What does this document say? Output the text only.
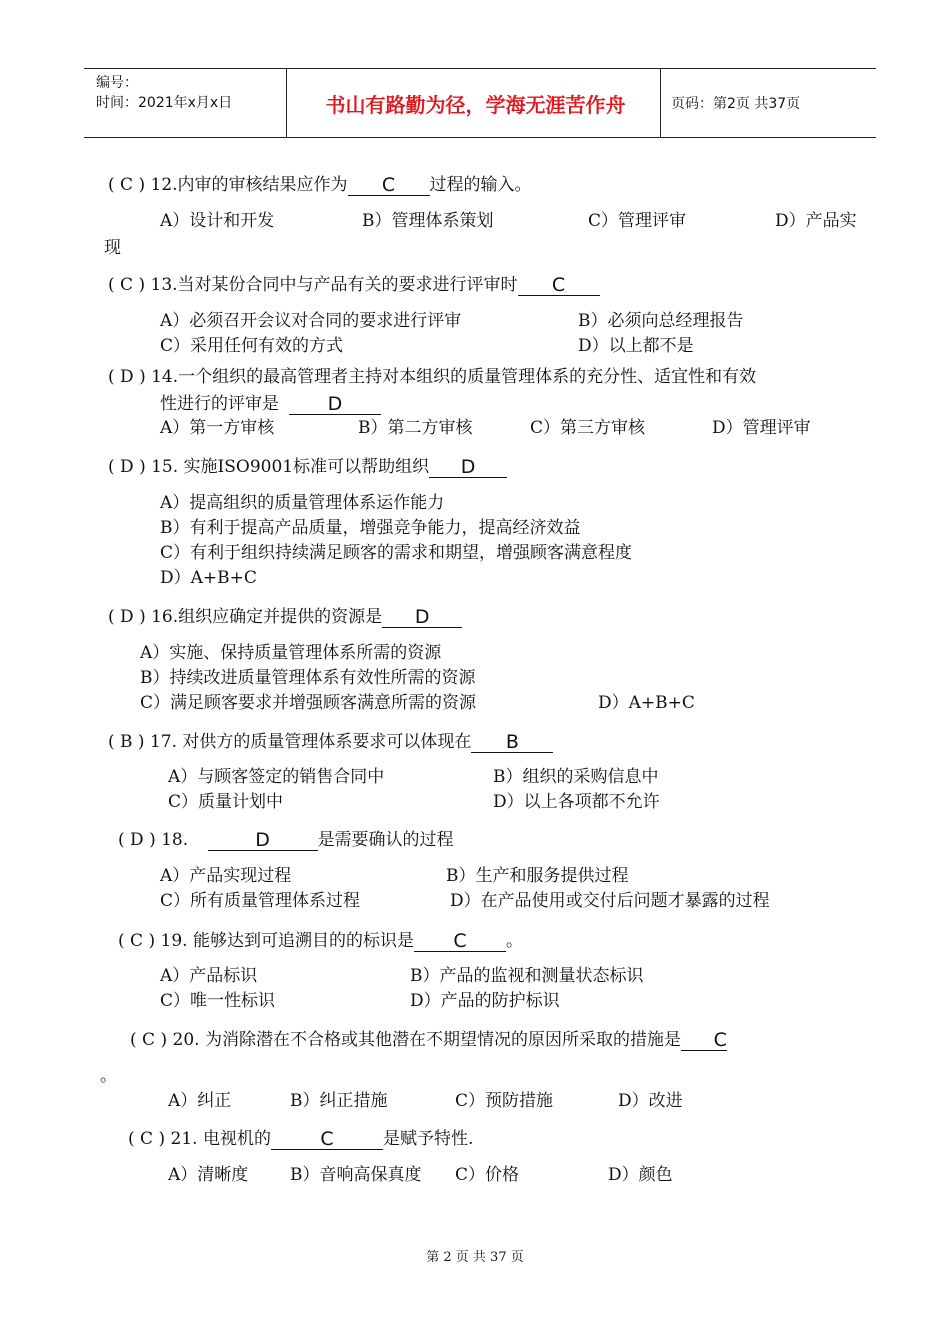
编号：
时间：2021年x月x日	书山有路勤为径，学海无涯苦作舟	页码：第2页 共37页
( C ) 12.内审的审核结果应作为 C 过程的输入。
A）设计和开发	B）管理体系策划	C）管理评审	D）产品实
现
( C ) 13.当对某份合同中与产品有关的要求进行评审时 C
A）必须召开会议对合同的要求进行评审	B）必须向总经理报告
C）采用任何有效的方式	D）以上都不是
( D ) 14.一个组织的最高管理者主持对本组织的质量管理体系的充分性、适宜性和有效
性进行的评审是	D
A）第一方审核	B）第二方审核	C）第三方审核	D）管理评审
( D ) 15. 实施ISO9001标准可以帮助组织 D
A）提高组织的质量管理体系运作能力
B）有利于提高产品质量，增强竞争能力，提高经济效益
C）有利于组织持续满足顾客的需求和期望，增强顾客满意程度
D）A+B+C
( D ) 16.组织应确定并提供的资源是 D
A）实施、保持质量管理体系所需的资源
B）持续改进质量管理体系有效性所需的资源
C）满足顾客要求并增强顾客满意所需的资源	D）A+B+C
( B ) 17. 对供方的质量管理体系要求可以体现在 B
A）与顾客签定的销售合同中	B）组织的采购信息中
C）质量计划中	D）以上各项都不允许
( D ) 18.	D	是需要确认的过程
A）产品实现过程	B）生产和服务提供过程
C）所有质量管理体系过程	D）在产品使用或交付后问题才暴露的过程
( C ) 19. 能够达到可追溯目的的标识是 C 。
A）产品标识	B）产品的监视和测量状态标识
C）唯一性标识	D）产品的防护标识
( C ) 20. 为消除潜在不合格或其他潜在不期望情况的原因所采取的措施是 C
。
A）纠正	B）纠正措施	C）预防措施	D）改进
( C ) 21. 电视机的	C	是赋予特性.
A）清晰度 B）音响高保真度 C）价格	D）颜色
第 2 页 共 37 页
